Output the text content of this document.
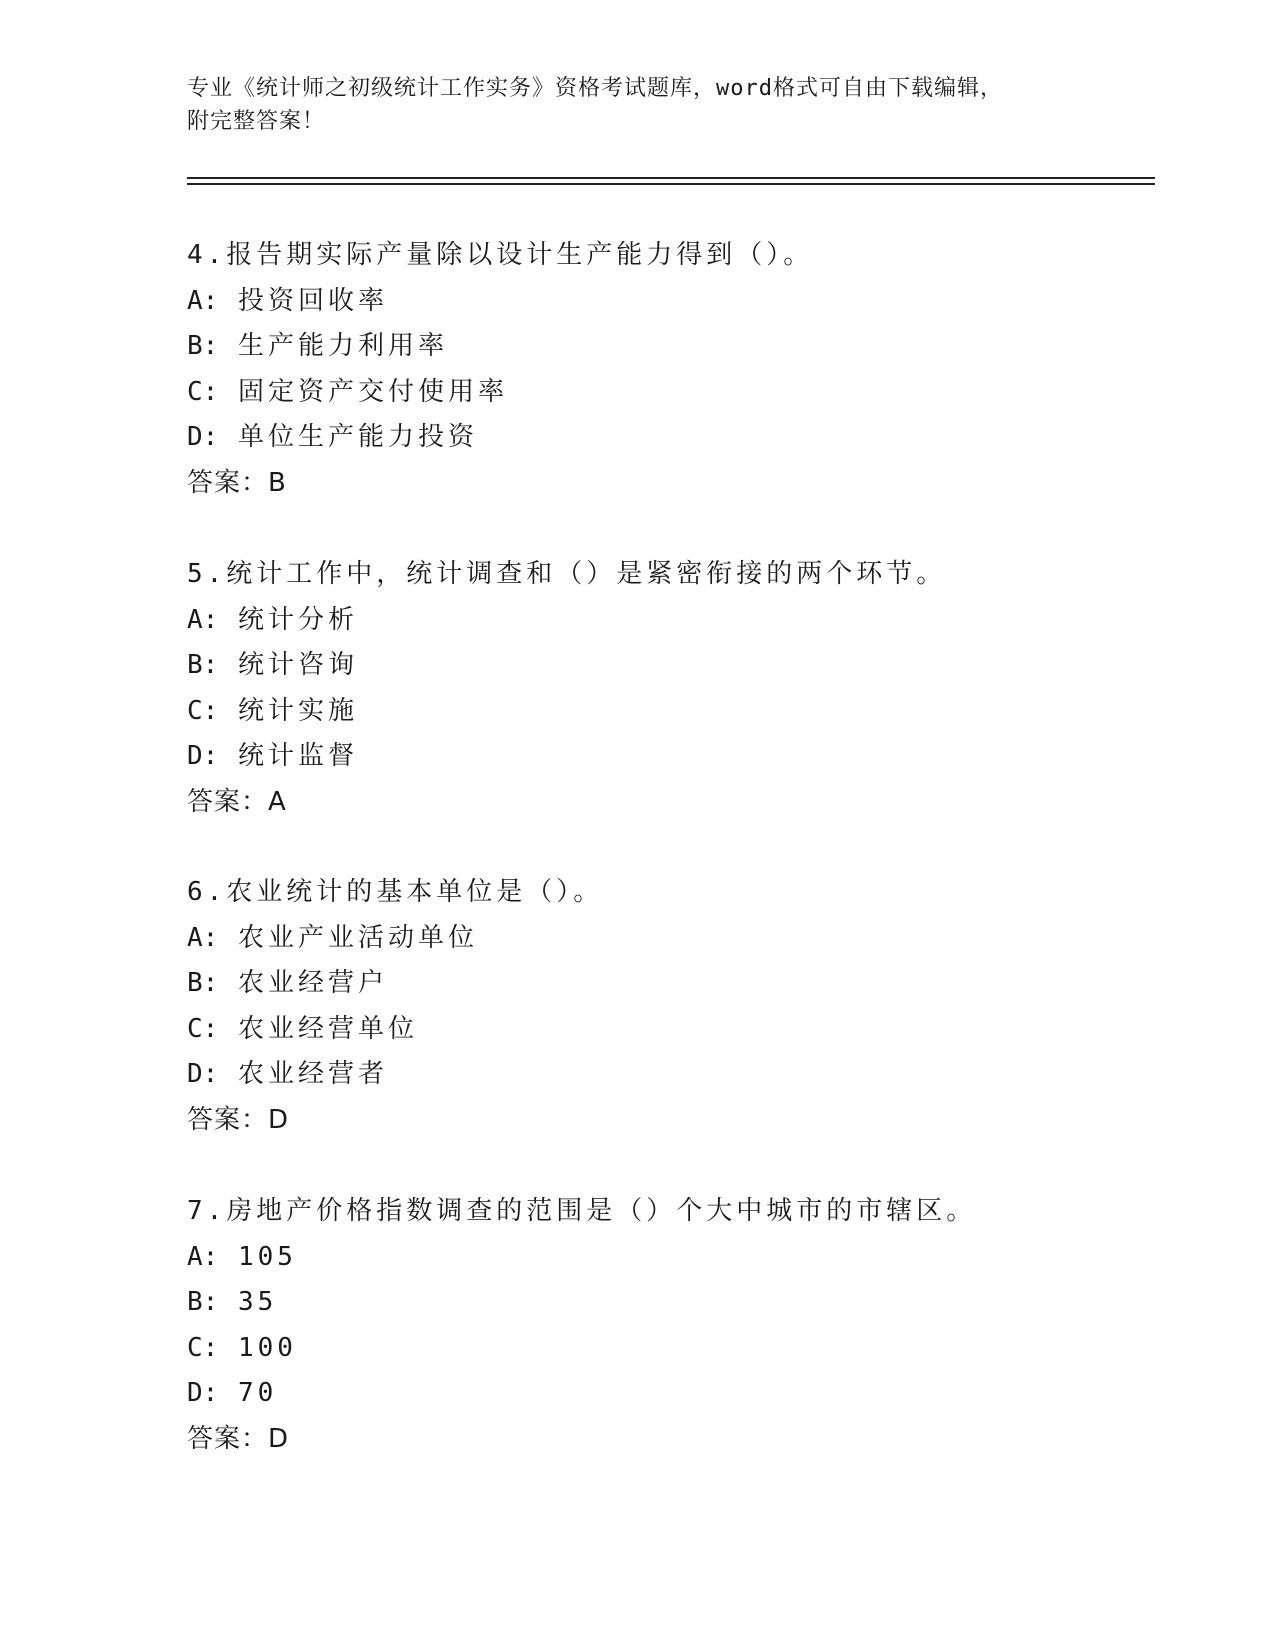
专业《统计师之初级统计工作实务》资格考试题库，word格式可自由下载编辑，
附完整答案！
4.报告期实际产量除以设计生产能力得到（）。
A: 投资回收率
B: 生产能力利用率
C: 固定资产交付使用率
D: 单位生产能力投资
答案：B
5.统计工作中，统计调查和（）是紧密衔接的两个环节。
A: 统计分析
B: 统计咨询
C: 统计实施
D: 统计监督
答案：A
6.农业统计的基本单位是（）。
A: 农业产业活动单位
B: 农业经营户
C: 农业经营单位
D: 农业经营者
答案：D
7.房地产价格指数调查的范围是（）个大中城市的市辖区。
A: 105
B: 35
C: 100
D: 70
答案：D
